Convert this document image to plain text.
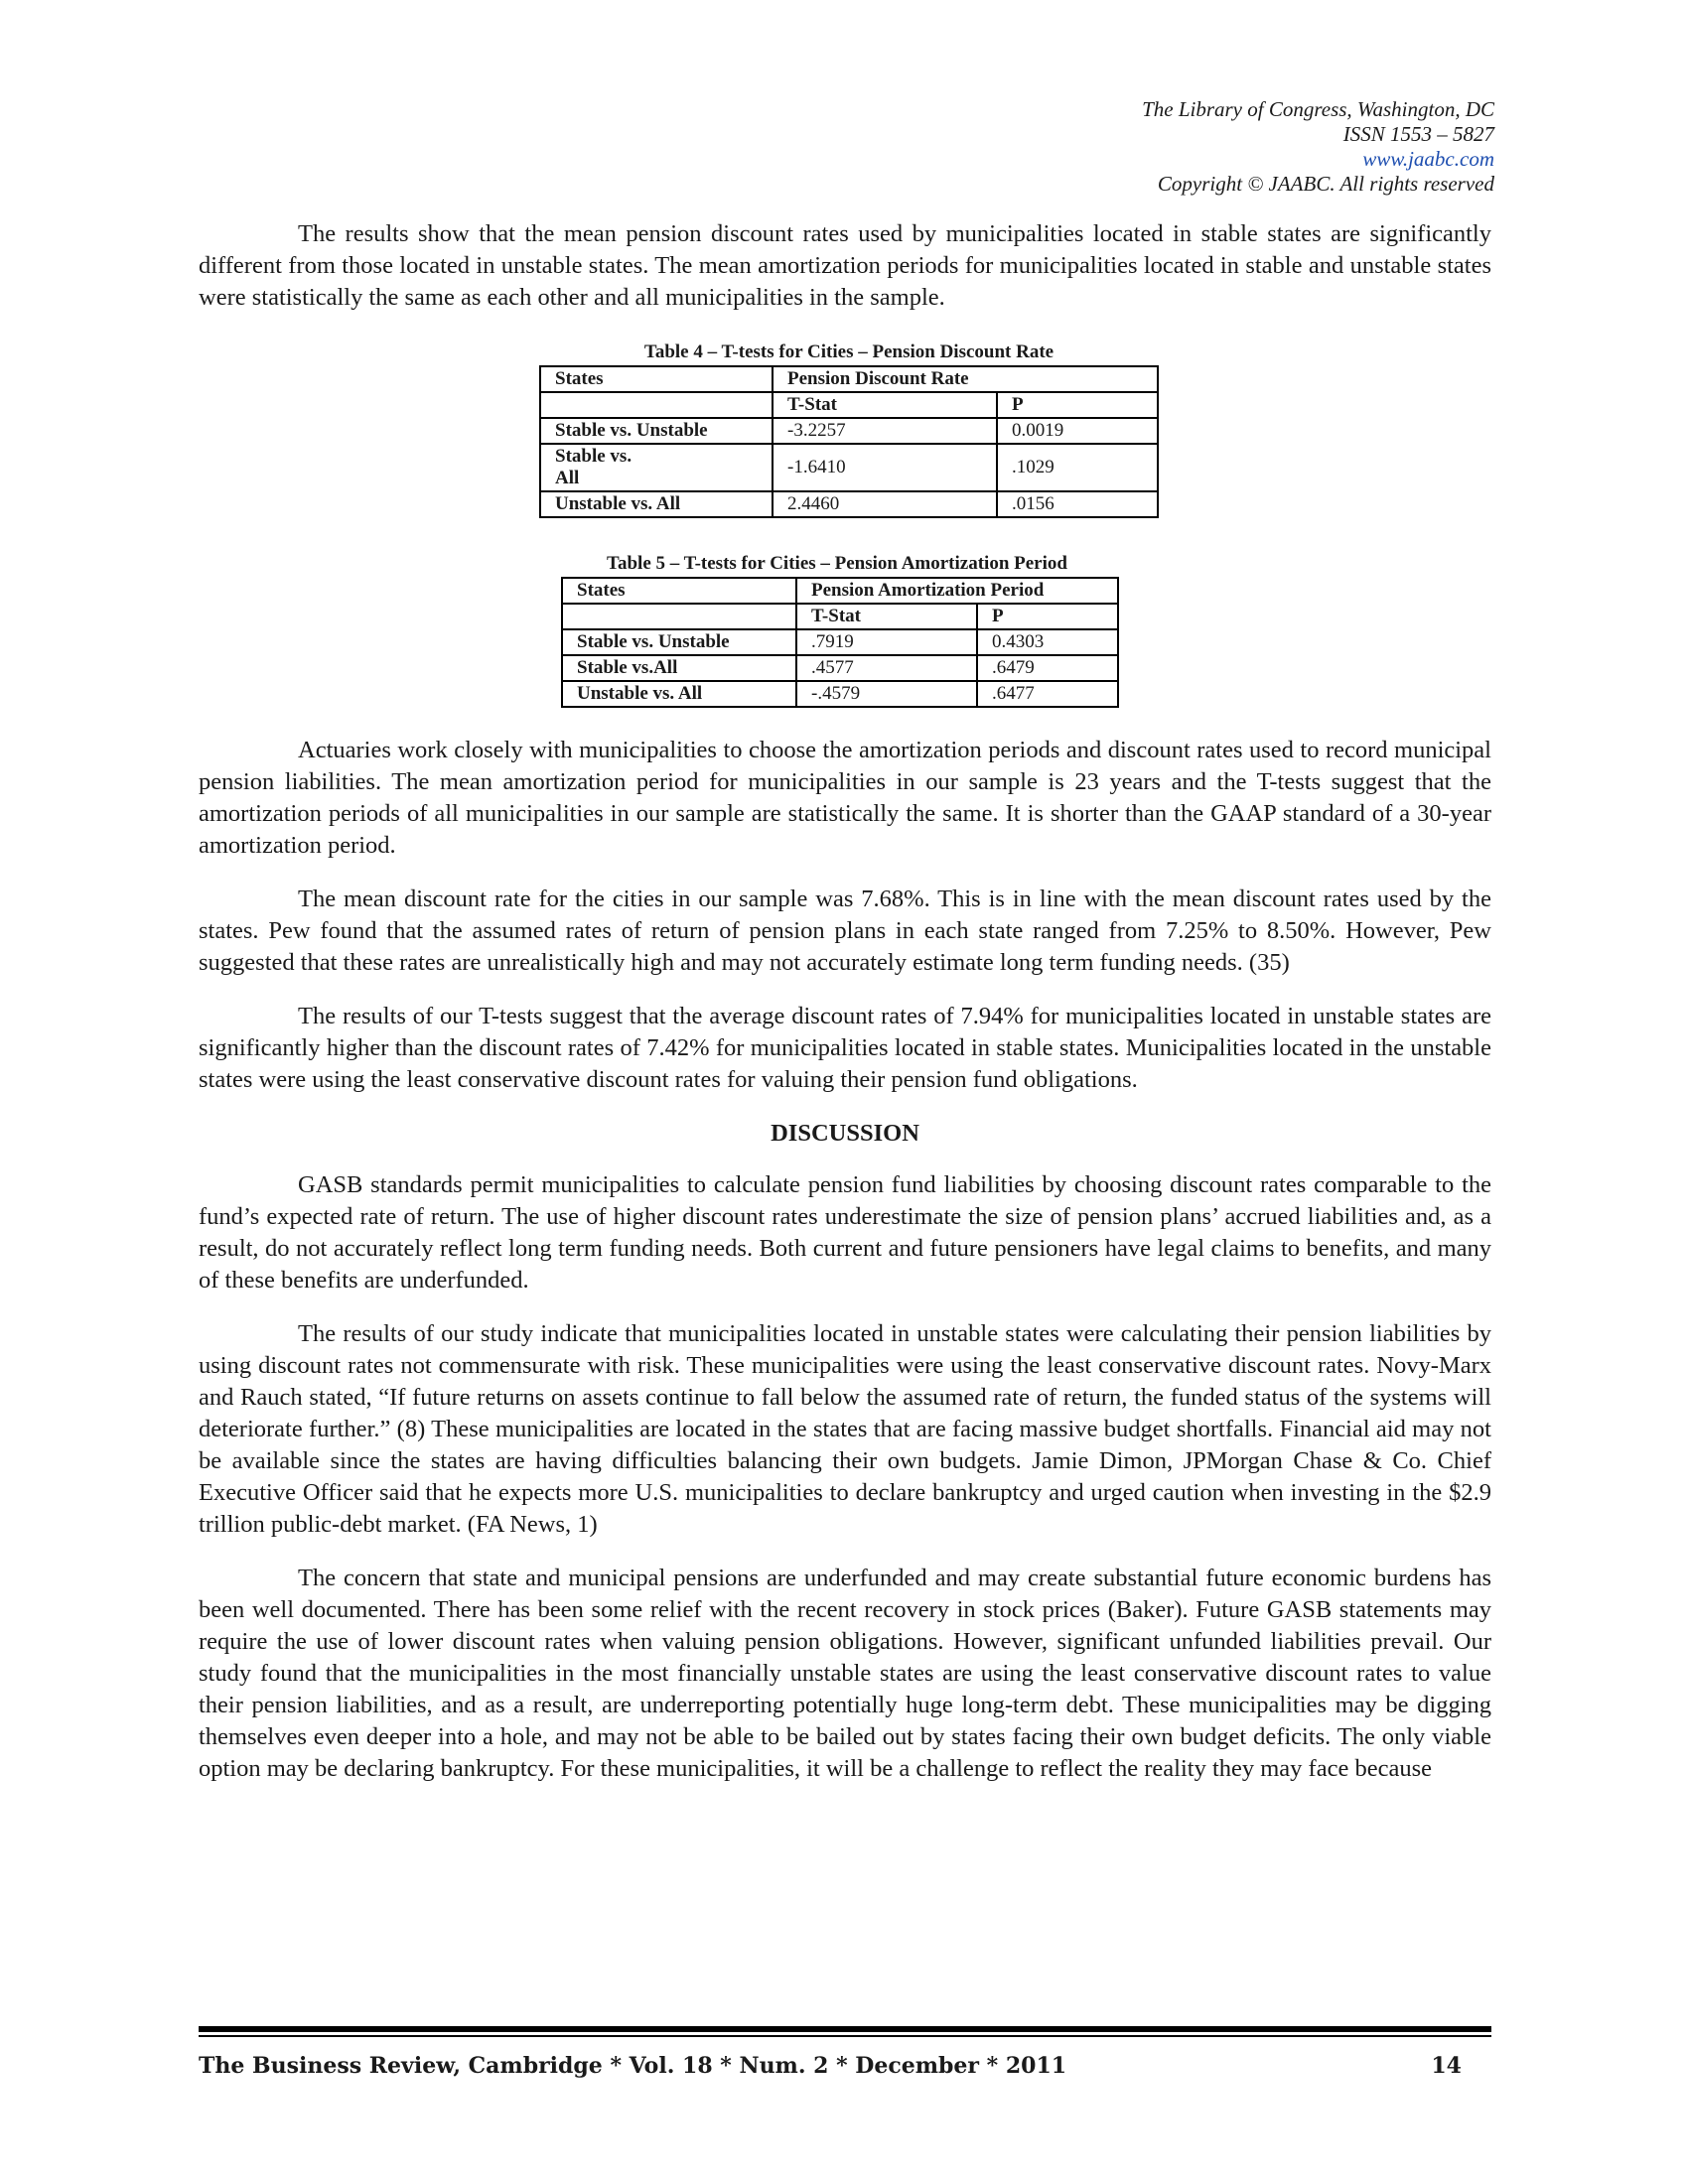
The Library of Congress, Washington, DC
ISSN 1553 – 5827
www.jaabc.com
Copyright © JAABC. All rights reserved

The results show that the mean pension discount rates used by municipalities located in stable states are significantly different from those located in unstable states. The mean amortization periods for municipalities located in stable and unstable states were statistically the same as each other and all municipalities in the sample.

Table 4 – T-tests for Cities – Pension Discount Rate
States	Pension Discount Rate	
	T-Stat	P
Stable vs. Unstable	-3.2257	0.0019
Stable vs.
All	-1.6410	.1029
Unstable vs. All	2.4460	.0156
Table 5 – T-tests for Cities – Pension Amortization Period
States	Pension Amortization Period	
	T-Stat	P
Stable vs. Unstable	.7919	0.4303
Stable vs.All	.4577	.6479
Unstable vs. All	-.4579	.6477

Actuaries work closely with municipalities to choose the amortization periods and discount rates used to record municipal pension liabilities. The mean amortization period for municipalities in our sample is 23 years and the T-tests suggest that the amortization periods of all municipalities in our sample are statistically the same. It is shorter than the GAAP standard of a 30-year amortization period.

The mean discount rate for the cities in our sample was 7.68%. This is in line with the mean discount rates used by the states. Pew found that the assumed rates of return of pension plans in each state ranged from 7.25% to 8.50%. However, Pew suggested that these rates are unrealistically high and may not accurately estimate long term funding needs. (35)

The results of our T-tests suggest that the average discount rates of 7.94% for municipalities located in unstable states are significantly higher than the discount rates of 7.42% for municipalities located in stable states. Municipalities located in the unstable states were using the least conservative discount rates for valuing their pension fund obligations.

DISCUSSION

GASB standards permit municipalities to calculate pension fund liabilities by choosing discount rates comparable to the fund’s expected rate of return. The use of higher discount rates underestimate the size of pension plans’ accrued liabilities and, as a result, do not accurately reflect long term funding needs. Both current and future pensioners have legal claims to benefits, and many of these benefits are underfunded.

The results of our study indicate that municipalities located in unstable states were calculating their pension liabilities by using discount rates not commensurate with risk. These municipalities were using the least conservative discount rates. Novy-Marx and Rauch stated, “If future returns on assets continue to fall below the assumed rate of return, the funded status of the systems will deteriorate further.” (8) These municipalities are located in the states that are facing massive budget shortfalls. Financial aid may not be available since the states are having difficulties balancing their own budgets. Jamie Dimon, JPMorgan Chase & Co. Chief Executive Officer said that he expects more U.S. municipalities to declare bankruptcy and urged caution when investing in the $2.9 trillion public-debt market. (FA News, 1)

The concern that state and municipal pensions are underfunded and may create substantial future economic burdens has been well documented. There has been some relief with the recent recovery in stock prices (Baker). Future GASB statements may require the use of lower discount rates when valuing pension obligations. However, significant unfunded liabilities prevail. Our study found that the municipalities in the most financially unstable states are using the least conservative discount rates to value their pension liabilities, and as a result, are underreporting potentially huge long-term debt. These municipalities may be digging themselves even deeper into a hole, and may not be able to be bailed out by states facing their own budget deficits. The only viable option may be declaring bankruptcy. For these municipalities, it will be a challenge to reflect the reality they may face because

The Business Review, Cambridge * Vol. 18 * Num. 2 * December * 2011	14
